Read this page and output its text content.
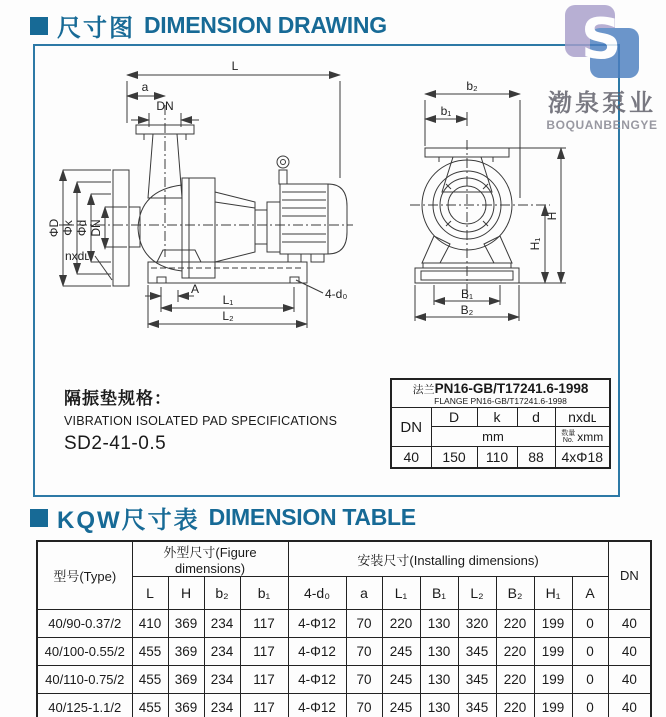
尺寸图 DIMENSION DRAWING
L
a
DN
ΦD Φk Φd DN
nxdʟ
A
L₁
L₂
4-d₀
b₂
b₁
H
H₁
B₁
B₂
S
渤泉泵业
BOQUANBENGYE
隔振垫规格：
VIBRATION ISOLATED PAD SPECIFICATIONS
SD2-41-0.5
法兰PN16-GB/T17241.6-1998
FLANGE PN16-GB/T17241.6-1998				

DN	D	k	d	nxdʟ
	mm			数量
No. xmm
40	150	110	88	4xΦ18
KQW尺寸表 DIMENSION TABLE
型号(Type)	外型尺寸(Figure dimensions)				安装尺寸(Installing dimensions)								DN
	L	H	b₂	b₁	4-d₀	a	L₁	B₁	L₂	B₂	H₁	A	
40/90-0.37/2	410	369	234	117	4-Φ12	70	220	130	320	220	199	0	40
40/100-0.55/2	455	369	234	117	4-Φ12	70	245	130	345	220	199	0	40
40/110-0.75/2	455	369	234	117	4-Φ12	70	245	130	345	220	199	0	40
40/125-1.1/2	455	369	234	117	4-Φ12	70	245	130	345	220	199	0	40
